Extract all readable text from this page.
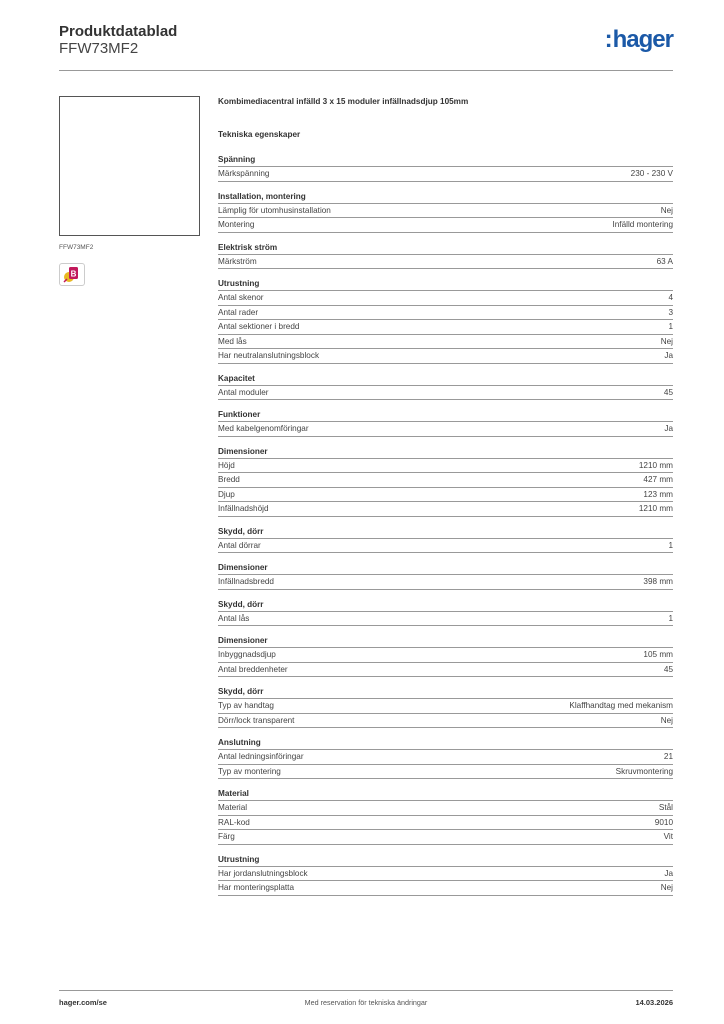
Produktdatablad
FFW73MF2	:hager
FFW73MF2
B
Kombimediacentral infälld 3 x 15 moduler infällnadsdjup 105mm
Tekniska egenskaper
Spänning
Märkspänning	230 - 230 V
Installation, montering
Lämplig för utomhusinstallation	Nej
Montering	Infälld montering
Elektrisk ström
Märkström	63 A
Utrustning
Antal skenor	4
Antal rader	3
Antal sektioner i bredd	1
Med lås	Nej
Har neutralanslutningsblock	Ja
Kapacitet
Antal moduler	45
Funktioner
Med kabelgenomföringar	Ja
Dimensioner
Höjd	1210 mm
Bredd	427 mm
Djup	123 mm
Infällnadshöjd	1210 mm
Skydd, dörr
Antal dörrar	1
Dimensioner
Infällnadsbredd	398 mm
Skydd, dörr
Antal lås	1
Dimensioner
Inbyggnadsdjup	105 mm
Antal breddenheter	45
Skydd, dörr
Typ av handtag	Klaffhandtag med mekanism
Dörr/lock transparent	Nej
Anslutning
Antal ledningsinföringar	21
Typ av montering	Skruvmontering
Material
Material	Stål
RAL-kod	9010
Färg	Vit
Utrustning
Har jordanslutningsblock	Ja
Har monteringsplatta	Nej
hager.com/se	Med reservation för tekniska ändringar	14.03.2026
